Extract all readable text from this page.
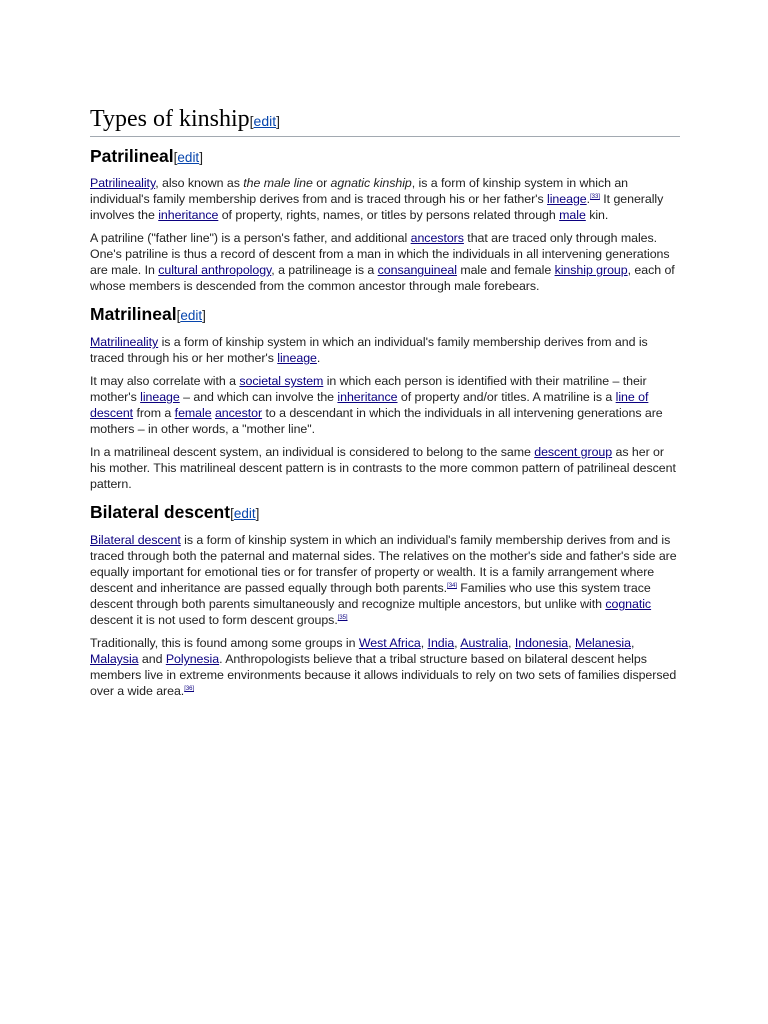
Types of kinship[edit]
Patrilineal[edit]

Patrilineality, also known as the male line or agnatic kinship, is a form of kinship system in which an individual's family membership derives from and is traced through his or her father's lineage.[33] It generally involves the inheritance of property, rights, names, or titles by persons related through male kin.

A patriline ("father line") is a person's father, and additional ancestors that are traced only through males. One's patriline is thus a record of descent from a man in which the individuals in all intervening generations are male. In cultural anthropology, a patrilineage is a consanguineal male and female kinship group, each of whose members is descended from the common ancestor through male forebears.

Matrilineal[edit]

Matrilineality is a form of kinship system in which an individual's family membership derives from and is traced through his or her mother's lineage.

It may also correlate with a societal system in which each person is identified with their matriline – their mother's lineage – and which can involve the inheritance of property and/or titles. A matriline is a line of descent from a female ancestor to a descendant in which the individuals in all intervening generations are mothers – in other words, a "mother line".

In a matrilineal descent system, an individual is considered to belong to the same descent group as her or his mother. This matrilineal descent pattern is in contrasts to the more common pattern of patrilineal descent pattern.

Bilateral descent[edit]

Bilateral descent is a form of kinship system in which an individual's family membership derives from and is traced through both the paternal and maternal sides. The relatives on the mother's side and father's side are equally important for emotional ties or for transfer of property or wealth. It is a family arrangement where descent and inheritance are passed equally through both parents.[34] Families who use this system trace descent through both parents simultaneously and recognize multiple ancestors, but unlike with cognatic descent it is not used to form descent groups.[35]

Traditionally, this is found among some groups in West Africa, India, Australia, Indonesia, Melanesia, Malaysia and Polynesia. Anthropologists believe that a tribal structure based on bilateral descent helps members live in extreme environments because it allows individuals to rely on two sets of families dispersed over a wide area.[36]
